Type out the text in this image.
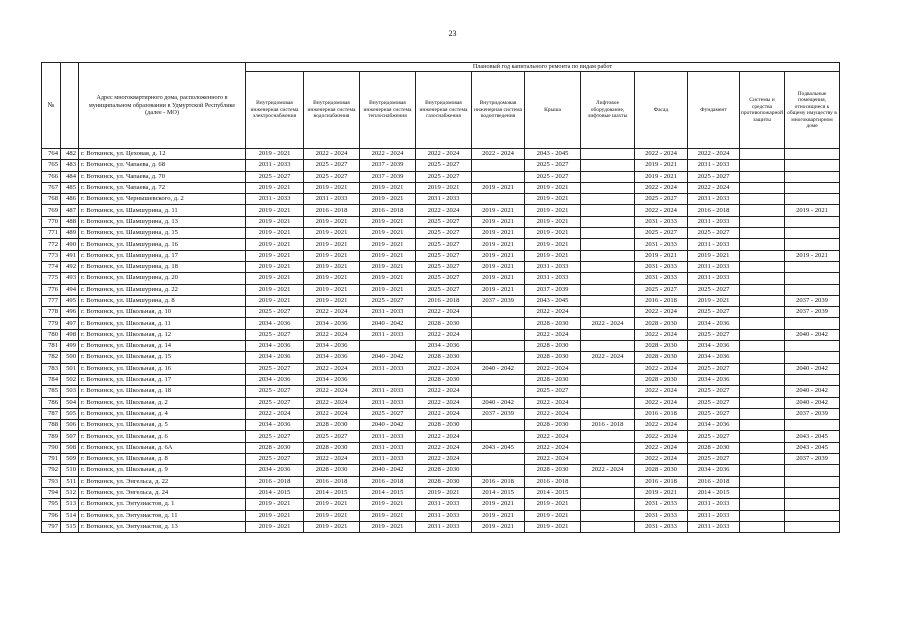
23
№		Адрес многоквартирного дома, расположенного в муниципальном образовании в Удмуртской Республике (далее - МО)	Плановый год капитального ремонта по видам работ										
			Внутридомовая инженерная система электроснабжения	Внутридомовая инженерная система водоснабжения	Внутридомовая инженерная система теплоснабжения	Внутридомовая инженерная система газоснабжения	Внутридомовая инженерная система водоотведения	Крыша	Лифтовое оборудование, лифтовые шахты	Фасад	Фундамент	Системы и средства противопожарной защиты	Подвальные помещения, относящиеся к общему имуществу в многоквартирном доме
764	482	г. Воткинск, ул. Цеховая, д. 12	2019 - 2021	2022 - 2024	2022 - 2024	2022 - 2024	2022 - 2024	2043 - 2045		2022 - 2024	2022 - 2024		
765	483	г. Воткинск, ул. Чапаева, д. 68	2031 - 2033	2025 - 2027	2037 - 2039	2025 - 2027		2025 - 2027		2019 - 2021	2031 - 2033		
766	484	г. Воткинск, ул. Чапаева, д. 70	2025 - 2027	2025 - 2027	2037 - 2039	2025 - 2027		2025 - 2027		2019 - 2021	2025 - 2027		
767	485	г. Воткинск, ул. Чапаева, д. 72	2019 - 2021	2019 - 2021	2019 - 2021	2019 - 2021	2019 - 2021	2019 - 2021		2022 - 2024	2022 - 2024		
768	486	г. Воткинск, ул. Чернышевского, д. 2	2031 - 2033	2031 - 2033	2019 - 2021	2031 - 2033		2019 - 2021		2025 - 2027	2031 - 2033		
769	487	г. Воткинск, ул. Шамшурина, д. 11	2019 - 2021	2016 - 2018	2016 - 2018	2022 - 2024	2019 - 2021	2019 - 2021		2022 - 2024	2016 - 2018		2019 - 2021
770	488	г. Воткинск, ул. Шамшурина, д. 13	2019 - 2021	2019 - 2021	2019 - 2021	2025 - 2027	2019 - 2021	2019 - 2021		2031 - 2033	2031 - 2033		
771	489	г. Воткинск, ул. Шамшурина, д. 15	2019 - 2021	2019 - 2021	2019 - 2021	2025 - 2027	2019 - 2021	2019 - 2021		2025 - 2027	2025 - 2027		
772	490	г. Воткинск, ул. Шамшурина, д. 16	2019 - 2021	2019 - 2021	2019 - 2021	2025 - 2027	2019 - 2021	2019 - 2021		2031 - 2033	2031 - 2033		
773	491	г. Воткинск, ул. Шамшурина, д. 17	2019 - 2021	2019 - 2021	2019 - 2021	2025 - 2027	2019 - 2021	2019 - 2021		2019 - 2021	2019 - 2021		2019 - 2021
774	492	г. Воткинск, ул. Шамшурина, д. 18	2019 - 2021	2019 - 2021	2019 - 2021	2025 - 2027	2019 - 2021	2031 - 2033		2031 - 2033	2031 - 2033		
775	493	г. Воткинск, ул. Шамшурина, д. 20	2019 - 2021	2019 - 2021	2019 - 2021	2025 - 2027	2019 - 2021	2031 - 2033		2031 - 2033	2031 - 2033		
776	494	г. Воткинск, ул. Шамшурина, д. 22	2019 - 2021	2019 - 2021	2019 - 2021	2025 - 2027	2019 - 2021	2037 - 2039		2025 - 2027	2025 - 2027		
777	495	г. Воткинск, ул. Шамшурина, д. 8	2019 - 2021	2019 - 2021	2025 - 2027	2016 - 2018	2037 - 2039	2043 - 2045		2016 - 2018	2019 - 2021		2037 - 2039
778	496	г. Воткинск, ул. Школьная, д. 10	2025 - 2027	2022 - 2024	2031 - 2033	2022 - 2024		2022 - 2024		2022 - 2024	2025 - 2027		2037 - 2039
779	497	г. Воткинск, ул. Школьная, д. 11	2034 - 2036	2034 - 2036	2040 - 2042	2028 - 2030		2028 - 2030	2022 - 2024	2028 - 2030	2034 - 2036		
780	498	г. Воткинск, ул. Школьная, д. 12	2025 - 2027	2022 - 2024	2031 - 2033	2022 - 2024		2022 - 2024		2022 - 2024	2025 - 2027		2040 - 2042
781	499	г. Воткинск, ул. Школьная, д. 14	2034 - 2036	2034 - 2036		2034 - 2036		2028 - 2030		2028 - 2030	2034 - 2036		
782	500	г. Воткинск, ул. Школьная, д. 15	2034 - 2036	2034 - 2036	2040 - 2042	2028 - 2030		2028 - 2030	2022 - 2024	2028 - 2030	2034 - 2036		
783	501	г. Воткинск, ул. Школьная, д. 16	2025 - 2027	2022 - 2024	2031 - 2033	2022 - 2024	2040 - 2042	2022 - 2024		2022 - 2024	2025 - 2027		2040 - 2042
784	502	г. Воткинск, ул. Школьная, д. 17	2034 - 2036	2034 - 2036		2028 - 2030		2028 - 2030		2028 - 2030	2034 - 2036		
785	503	г. Воткинск, ул. Школьная, д. 18	2025 - 2027	2022 - 2024	2031 - 2033	2022 - 2024		2025 - 2027		2022 - 2024	2025 - 2027		2040 - 2042
786	504	г. Воткинск, ул. Школьная, д. 2	2025 - 2027	2022 - 2024	2031 - 2033	2022 - 2024	2040 - 2042	2022 - 2024		2022 - 2024	2025 - 2027		2040 - 2042
787	505	г. Воткинск, ул. Школьная, д. 4	2022 - 2024	2022 - 2024	2025 - 2027	2022 - 2024	2037 - 2039	2022 - 2024		2016 - 2018	2025 - 2027		2037 - 2039
788	506	г. Воткинск, ул. Школьная, д. 5	2034 - 2036	2028 - 2030	2040 - 2042	2028 - 2030		2028 - 2030	2016 - 2018	2022 - 2024	2034 - 2036		
789	507	г. Воткинск, ул. Школьная, д. 6	2025 - 2027	2025 - 2027	2031 - 2033	2022 - 2024		2022 - 2024		2022 - 2024	2025 - 2027		2043 - 2045
790	508	г. Воткинск, ул. Школьная, д. 6А	2028 - 2030	2028 - 2030	2031 - 2033	2022 - 2024	2043 - 2045	2022 - 2024		2022 - 2024	2028 - 2030		2043 - 2045
791	509	г. Воткинск, ул. Школьная, д. 8	2025 - 2027	2022 - 2024	2031 - 2033	2022 - 2024		2022 - 2024		2022 - 2024	2025 - 2027		2037 - 2039
792	510	г. Воткинск, ул. Школьная, д. 9	2034 - 2036	2028 - 2030	2040 - 2042	2028 - 2030		2028 - 2030	2022 - 2024	2028 - 2030	2034 - 2036		
793	511	г. Воткинск, ул. Энгельса, д. 22	2016 - 2018	2016 - 2018	2016 - 2018	2028 - 2030	2016 - 2018	2016 - 2018		2016 - 2018	2016 - 2018		
794	512	г. Воткинск, ул. Энгельса, д. 24	2014 - 2015	2014 - 2015	2014 - 2015	2019 - 2021	2014 - 2015	2014 - 2015		2019 - 2021	2014 - 2015		
795	513	г. Воткинск, ул. Энтузиастов, д. 1	2019 - 2021	2019 - 2021	2019 - 2021	2031 - 2033	2019 - 2021	2019 - 2021		2031 - 2033	2031 - 2033		
796	514	г. Воткинск, ул. Энтузиастов, д. 11	2019 - 2021	2019 - 2021	2019 - 2021	2031 - 2033	2019 - 2021	2019 - 2021		2031 - 2033	2031 - 2033		
797	515	г. Воткинск, ул. Энтузиастов, д. 13	2019 - 2021	2019 - 2021	2019 - 2021	2031 - 2033	2019 - 2021	2019 - 2021		2031 - 2033	2031 - 2033		
